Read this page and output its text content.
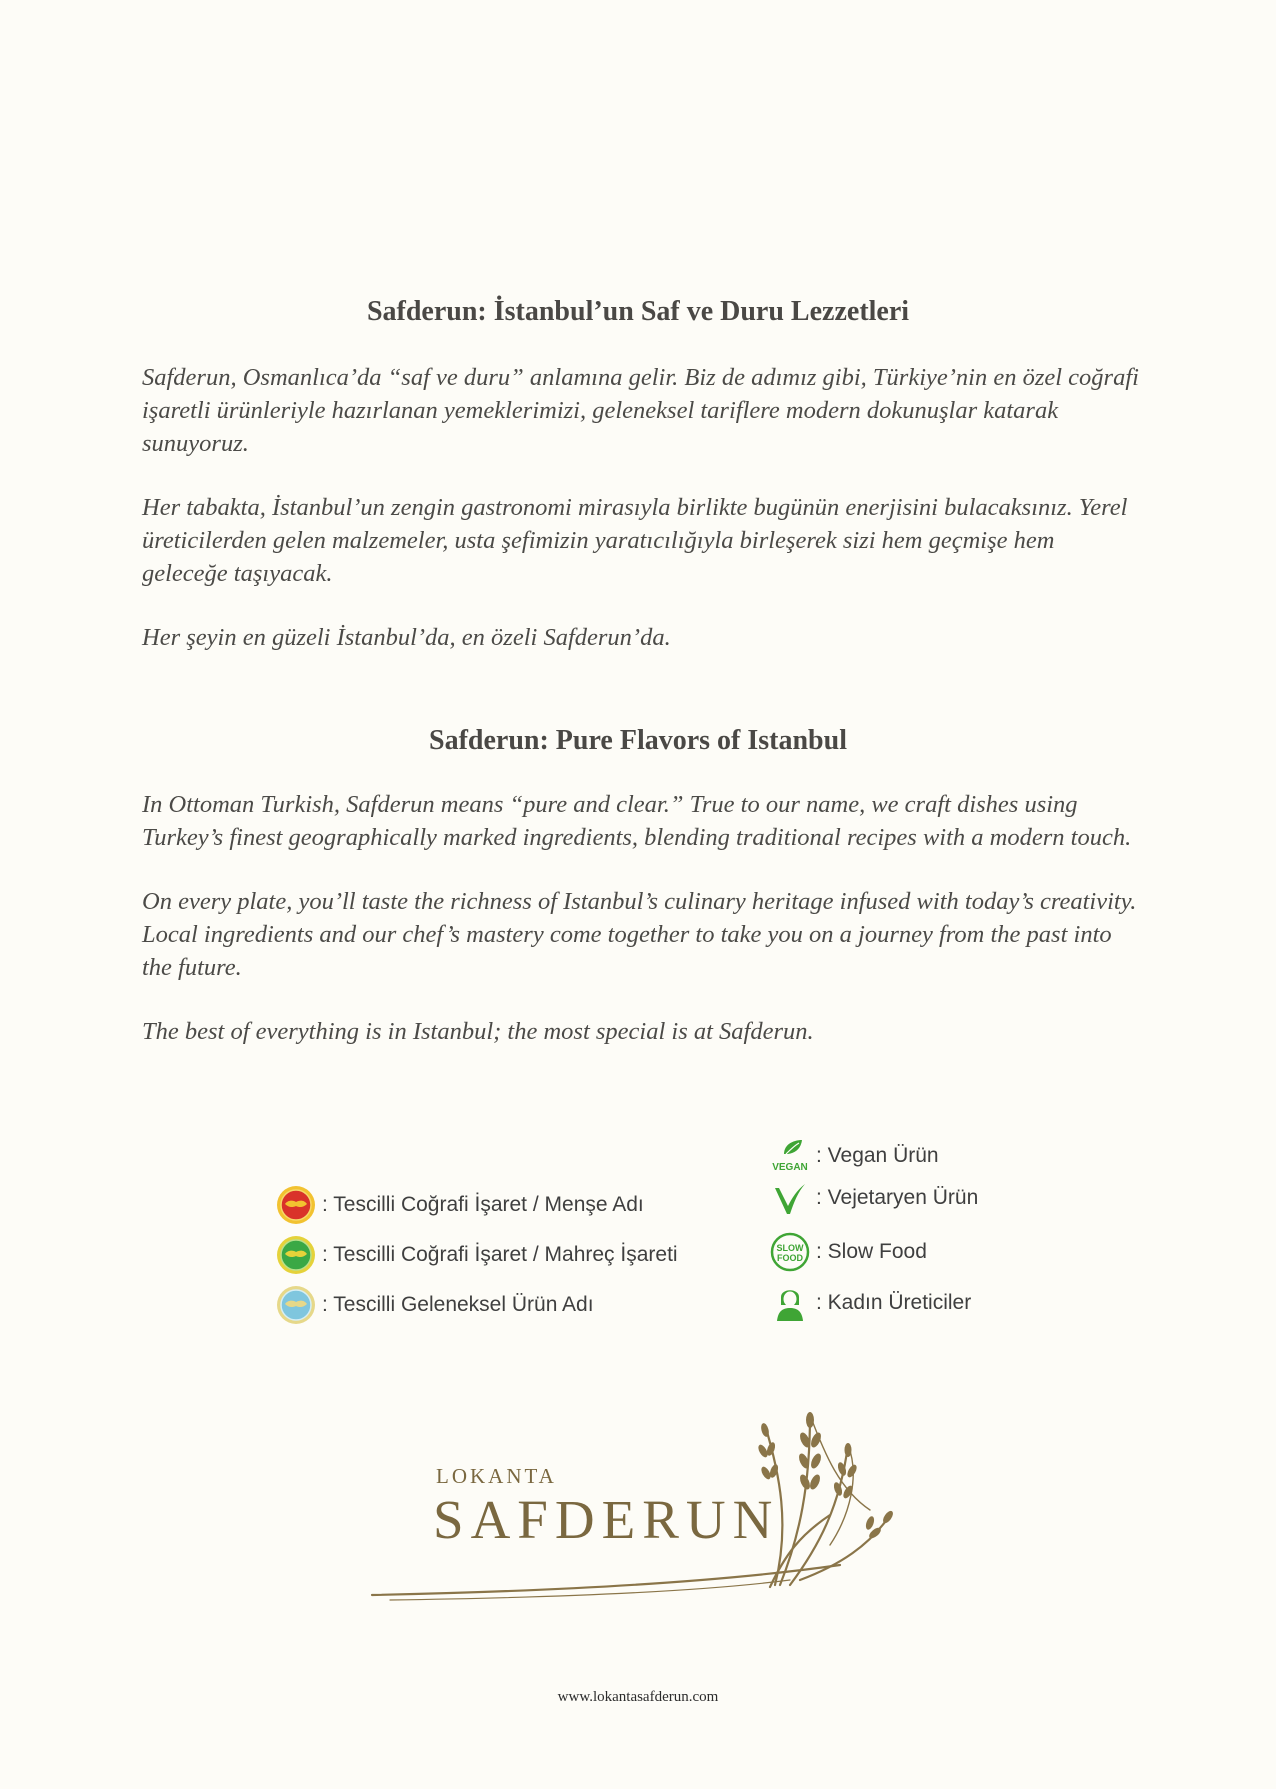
Safderun: İstanbul’un Saf ve Duru Lezzetleri

Safderun, Osmanlıca’da “saf ve duru” anlamına gelir. Biz de adımız gibi, Türkiye’nin en özel coğrafi işaretli ürünleriyle hazırlanan yemeklerimizi, geleneksel tariflere modern dokunuşlar katarak sunuyoruz.

Her tabakta, İstanbul’un zengin gastronomi mirasıyla birlikte bugünün enerjisini bulacaksınız. Yerel üreticilerden gelen malzemeler, usta şefimizin yaratıcılığıyla birleşerek sizi hem geçmişe hem geleceğe taşıyacak.

Her şeyin en güzeli İstanbul’da, en özeli Safderun’da.

Safderun: Pure Flavors of Istanbul

In Ottoman Turkish, Safderun means “pure and clear.” True to our name, we craft dishes using Turkey’s finest geographically marked ingredients, blending traditional recipes with a modern touch.

On every plate, you’ll taste the richness of Istanbul’s culinary heritage infused with today’s creativity. Local ingredients and our chef’s mastery come together to take you on a journey from the past into the future.

The best of everything is in Istanbul; the most special is at Safderun.

: Tescilli Coğrafi İşaret / Menşe Adı
: Tescilli Coğrafi İşaret / Mahreç İşareti
: Tescilli Geleneksel Ürün Adı
VEGAN
: Vegan Ürün
: Vejetaryen Ürün
SLOW
FOOD : Slow Food
: Kadın Üreticiler
LOKANTA
SAFDERUN
www.lokantasafderun.com
